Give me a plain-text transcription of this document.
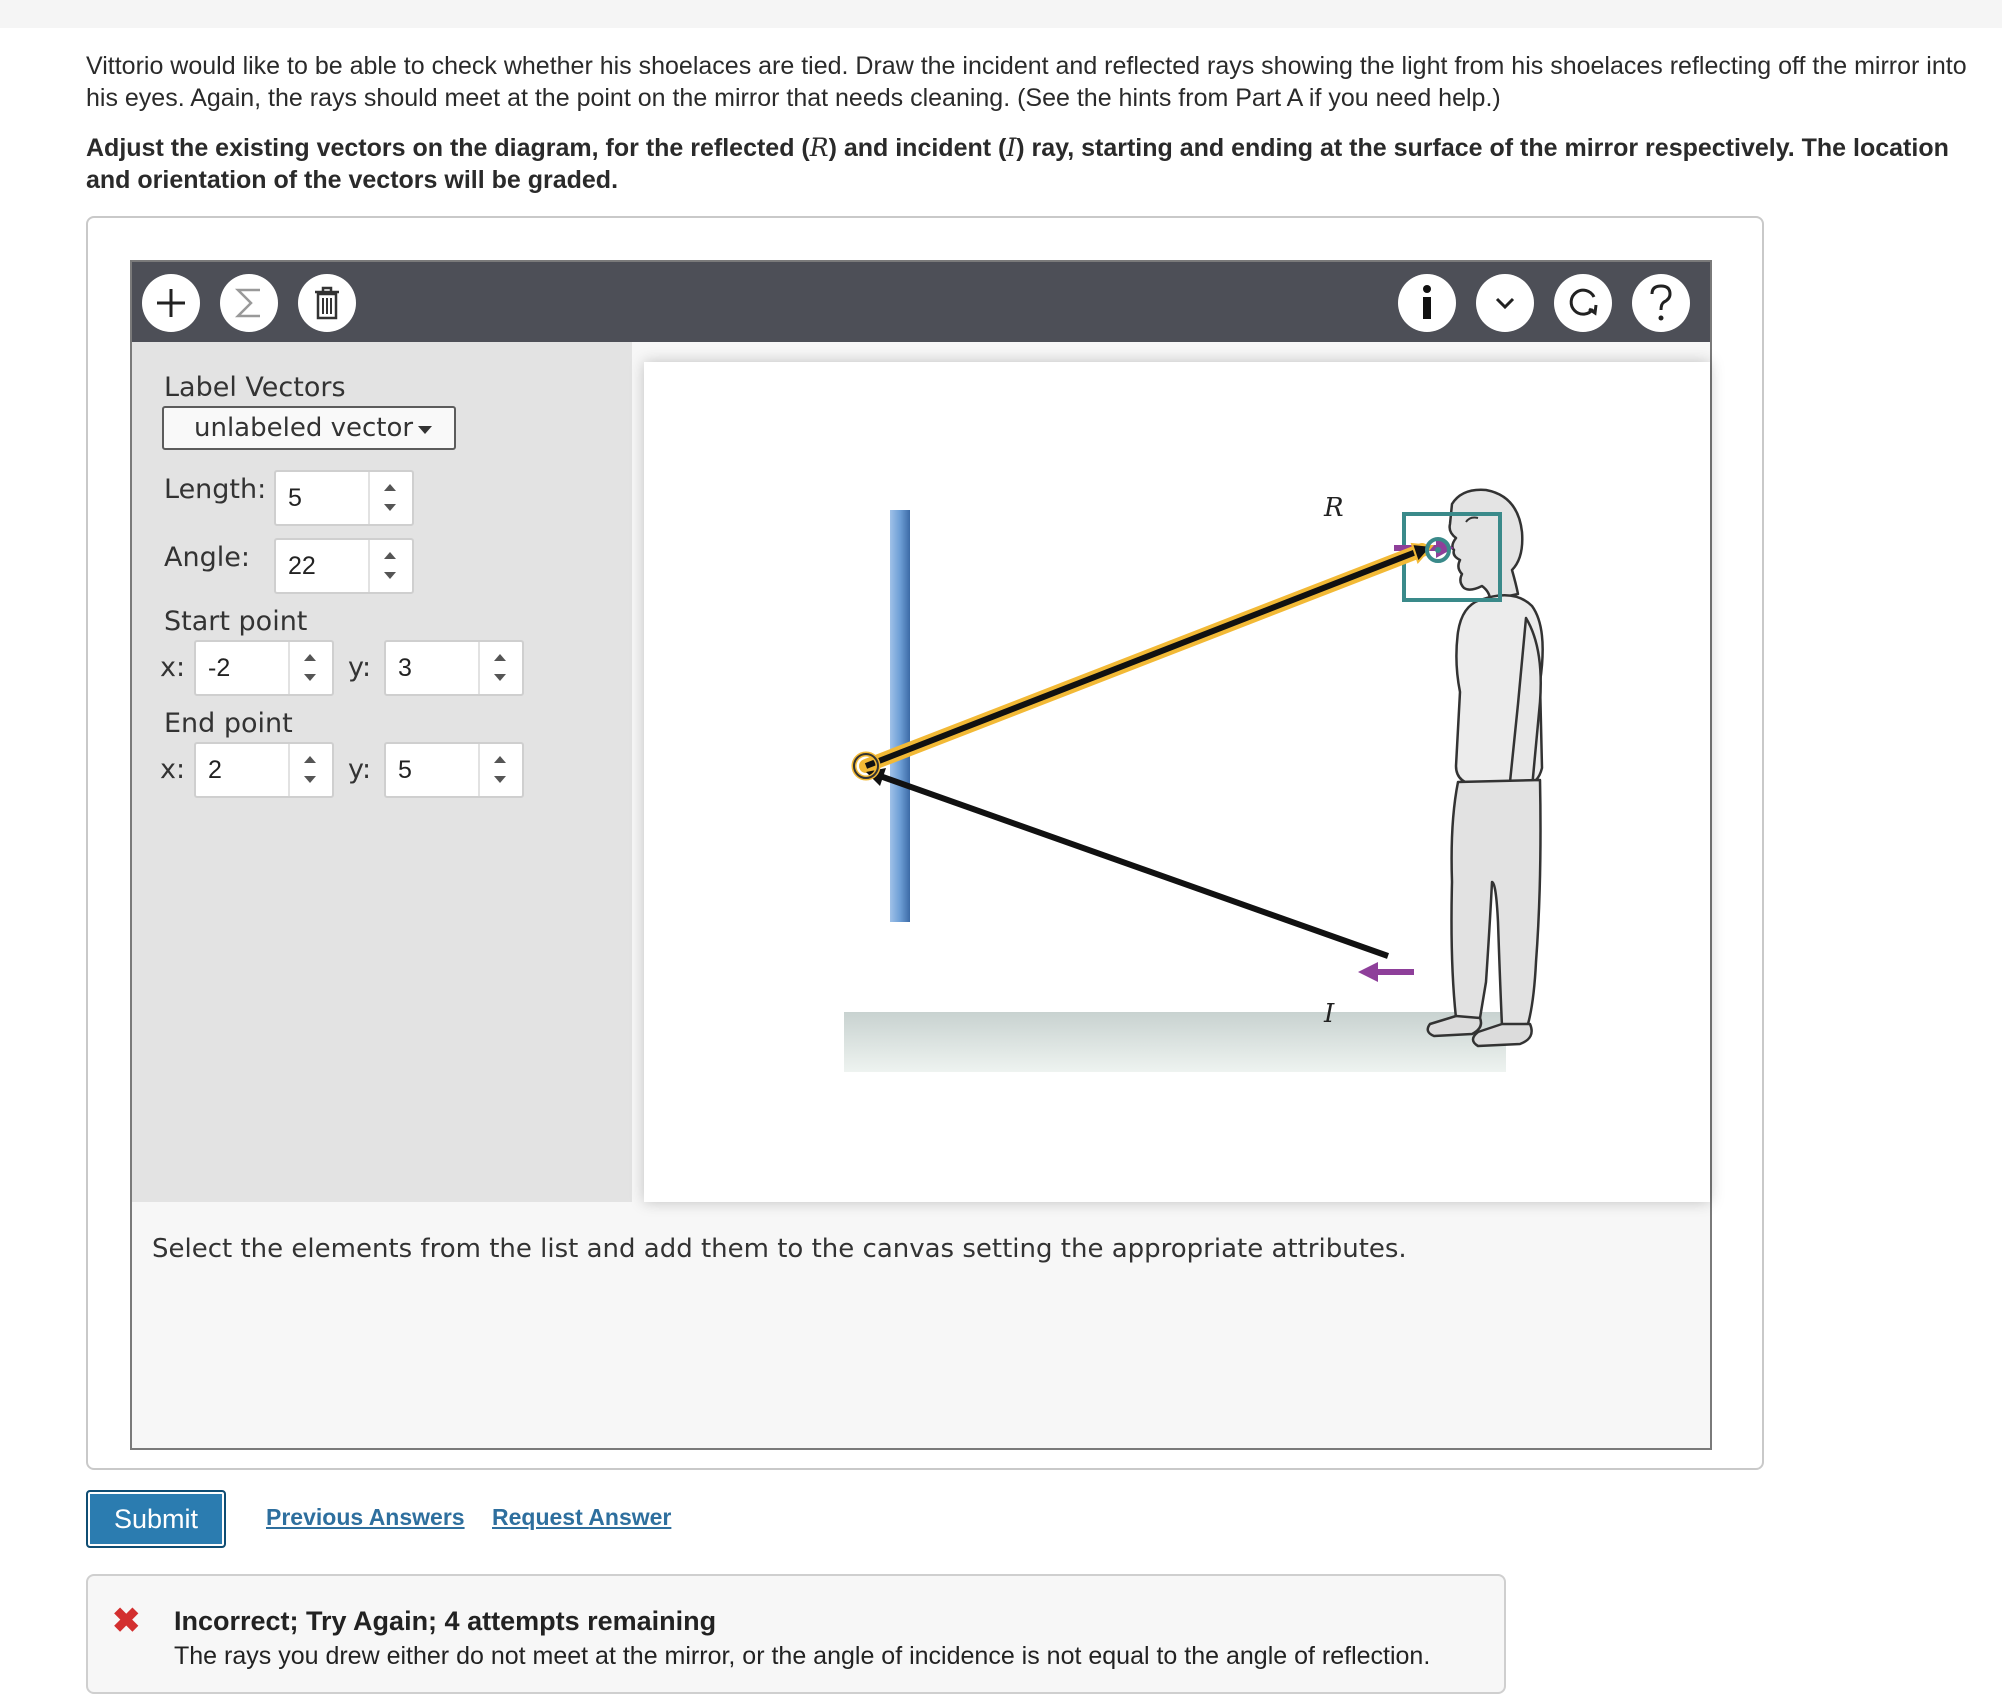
Vittorio would like to be able to check whether his shoelaces are tied. Draw the incident and reflected rays showing the light from his shoelaces reflecting off the mirror into his eyes. Again, the rays should meet at the point on the mirror that needs cleaning. (See the hints from Part A if you need help.)
Adjust the existing vectors on the diagram, for the reflected (R) and incident (I) ray, starting and ending at the surface of the mirror respectively. The location and orientation of the vectors will be graded.
Label Vectors
unlabeled vector
Length: 5
Angle: 22
Start point
x: -2	y: 3
End point
x: 2	y: 5
R
I
Select the elements from the list and add them to the canvas setting the appropriate attributes.
Submit	Previous Answers Request Answer
✖ Incorrect; Try Again; 4 attempts remaining
The rays you drew either do not meet at the mirror, or the angle of incidence is not equal to the angle of reflection.
